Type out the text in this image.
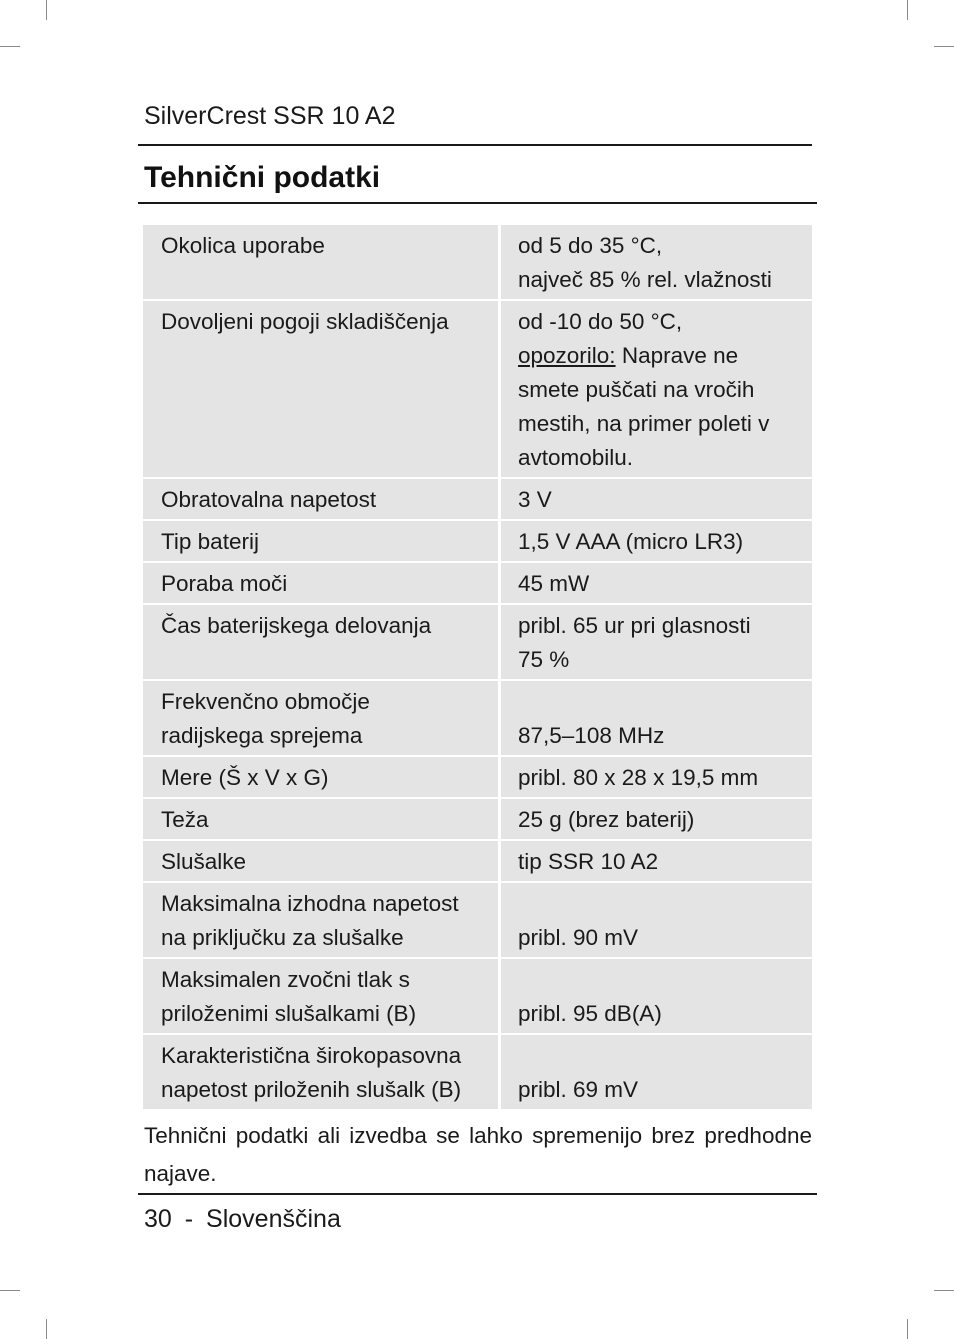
SilverCrest SSR 10 A2
Tehnični podatki
Okolica uporabe	od 5 do 35 °C,
največ 85 % rel. vlažnosti
Dovoljeni pogoji skladiščenja	od -10 do 50 °C,
opozorilo: Naprave ne smete puščati na vročih mestih, na primer poleti v avtomobilu.
Obratovalna napetost	3 V
Tip baterij	1,5 V AAA (micro LR3)
Poraba moči	45 mW
Čas baterijskega delovanja	pribl. 65 ur pri glasnosti
75 %
Frekvenčno območje
radijskega sprejema	87,5–108 MHz
Mere (Š x V x G)	pribl. 80 x 28 x 19,5 mm
Teža	25 g (brez baterij)
Slušalke	tip SSR 10 A2
Maksimalna izhodna napetost
na priključku za slušalke	pribl. 90 mV
Maksimalen zvočni tlak s
priloženimi slušalkami (B)	pribl. 95 dB(A)
Karakteristična širokopasovna
napetost priloženih slušalk (B)	pribl. 69 mV
Tehnični podatki ali izvedba se lahko spremenijo brez predhodne najave.
30 - Slovenščina
